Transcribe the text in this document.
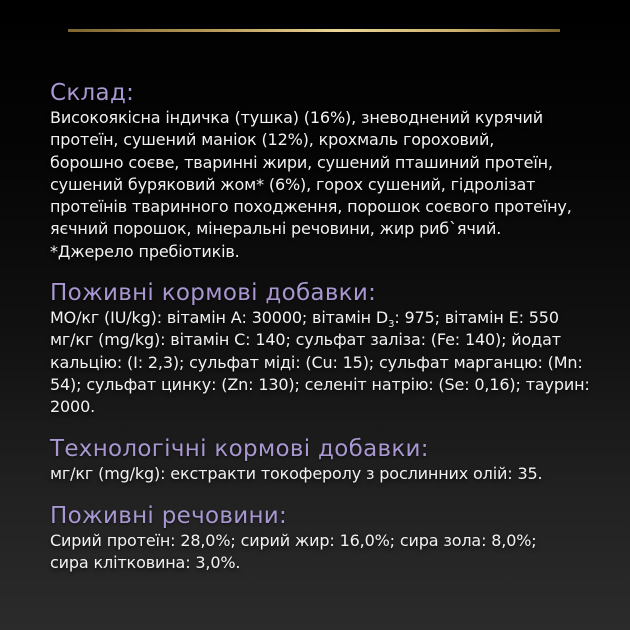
Склад:
Високоякісна індичка (тушка) (16%), зневоднений курячий
протеїн, сушений маніок (12%), крохмаль гороховий,
борошно соєве, тваринні жири, сушений пташиний протеїн,
сушений буряковий жом* (6%), горох сушений, гідролізат
протеїнів тваринного походження, порошок соєвого протеїну,
яєчний порошок, мінеральні речовини, жир риб`ячий.
*Джерело пребіотиків.
Поживні кормові добавки:
МО/кг (IU/kg): вітамін А: 30000; вітамін $D_3$: 975; вітамін Е: 550
мг/кг (mg/kg): вітамін С: 140; сульфат заліза: (Fe: 140); йодат
кальцію: (I: 2,3); сульфат міді: (Cu: 15); сульфат марганцю: (Mn:
54); сульфат цинку: (Zn: 130); селеніт натрію: (Se: 0,16); таурин:
2000.
Технологічні кормові добавки:
мг/кг (mg/kg): екстракти токоферолу з рослинних олій: 35.
Поживні речовини:
Сирий протеїн: 28,0%; сирий жир: 16,0%; сира зола: 8,0%;
сира клітковина: 3,0%.
